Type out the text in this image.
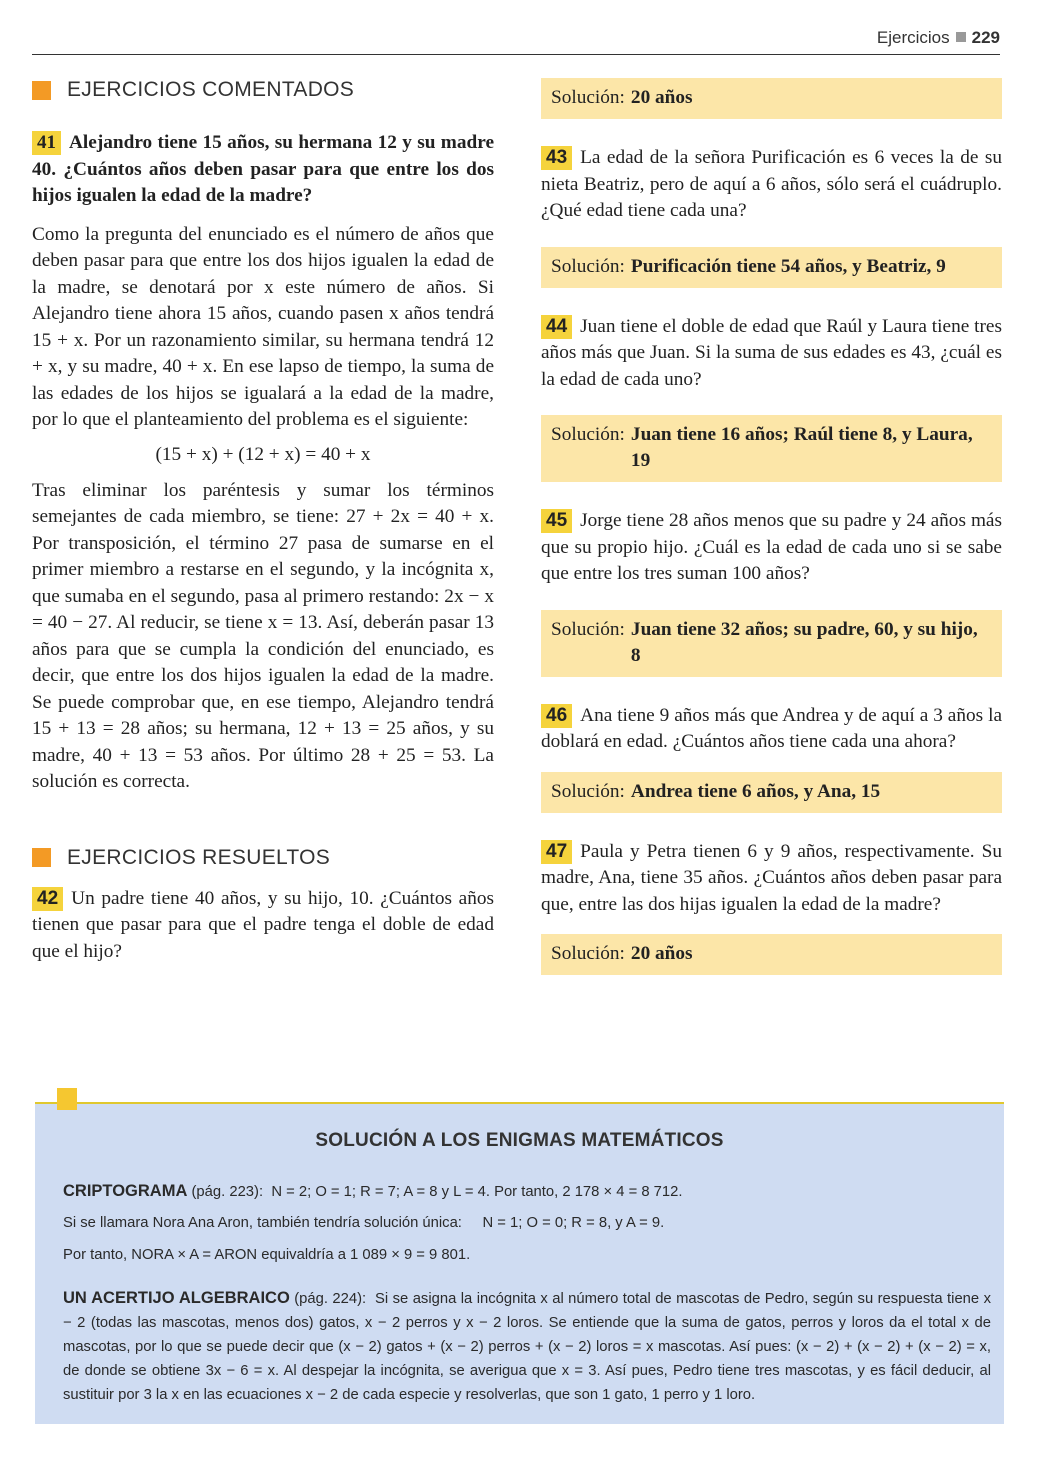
Ejercicios 229
EJERCICIOS COMENTADOS

41 Alejandro tiene 15 años, su hermana 12 y su madre 40. ¿Cuántos años deben pasar para que entre los dos hijos igualen la edad de la madre?

Como la pregunta del enunciado es el número de años que deben pasar para que entre los dos hijos igualen la edad de la madre, se denotará por x este número de años. Si Alejandro tiene ahora 15 años, cuando pasen x años tendrá 15 + x. Por un razonamiento similar, su hermana tendrá 12 + x, y su madre, 40 + x. En ese lapso de tiempo, la suma de las edades de los hijos se igualará a la edad de la madre, por lo que el planteamiento del problema es el siguiente:

(15 + x) + (12 + x) = 40 + x

Tras eliminar los paréntesis y sumar los términos semejantes de cada miembro, se tiene: 27 + 2x = 40 + x. Por transposición, el término 27 pasa de sumarse en el primer miembro a restarse en el segundo, y la incógnita x, que sumaba en el segundo, pasa al primero restando: 2x − x = 40 − 27. Al reducir, se tiene x = 13. Así, deberán pasar 13 años para que se cumpla la condición del enunciado, es decir, que entre los dos hijos igualen la edad de la madre. Se puede comprobar que, en ese tiempo, Alejandro tendrá 15 + 13 = 28 años; su hermana, 12 + 13 = 25 años, y su madre, 40 + 13 = 53 años. Por último 28 + 25 = 53. La solución es correcta.

EJERCICIOS RESUELTOS

42 Un padre tiene 40 años, y su hijo, 10. ¿Cuántos años tienen que pasar para que el padre tenga el doble de edad que el hijo?

Solución: 20 años

43 La edad de la señora Purificación es 6 veces la de su nieta Beatriz, pero de aquí a 6 años, sólo será el cuádruplo. ¿Qué edad tiene cada una?

Solución: Purificación tiene 54 años, y Beatriz, 9

44 Juan tiene el doble de edad que Raúl y Laura tiene tres años más que Juan. Si la suma de sus edades es 43, ¿cuál es la edad de cada uno?

Solución: Juan tiene 16 años; Raúl tiene 8, y Laura, 19

45 Jorge tiene 28 años menos que su padre y 24 años más que su propio hijo. ¿Cuál es la edad de cada uno si se sabe que entre los tres suman 100 años?

Solución: Juan tiene 32 años; su padre, 60, y su hijo, 8

46 Ana tiene 9 años más que Andrea y de aquí a 3 años la doblará en edad. ¿Cuántos años tiene cada una ahora?

Solución: Andrea tiene 6 años, y Ana, 15

47 Paula y Petra tienen 6 y 9 años, respectivamente. Su madre, Ana, tiene 35 años. ¿Cuántos años deben pasar para que, entre las dos hijas igualen la edad de la madre?

Solución: 20 años
SOLUCIÓN A LOS ENIGMAS MATEMÁTICOS
CRIPTOGRAMA (pág. 223): N = 2; O = 1; R = 7; A = 8 y L = 4. Por tanto, 2 178 × 4 = 8 712.
Si se llamara Nora Ana Aron, también tendría solución única: N = 1; O = 0; R = 8, y A = 9.
Por tanto, NORA × A = ARON equivaldría a 1 089 × 9 = 9 801.
UN ACERTIJO ALGEBRAICO (pág. 224): Si se asigna la incógnita x al número total de mascotas de Pedro, según su respuesta tiene x − 2 (todas las mascotas, menos dos) gatos, x − 2 perros y x − 2 loros. Se entiende que la suma de gatos, perros y loros da el total x de mascotas, por lo que se puede decir que (x − 2) gatos + (x − 2) perros + (x − 2) loros = x mascotas. Así pues: (x − 2) + (x − 2) + (x − 2) = x, de donde se obtiene 3x − 6 = x. Al despejar la incógnita, se averigua que x = 3. Así pues, Pedro tiene tres mascotas, y es fácil deducir, al sustituir por 3 la x en las ecuaciones x − 2 de cada especie y resolverlas, que son 1 gato, 1 perro y 1 loro.
